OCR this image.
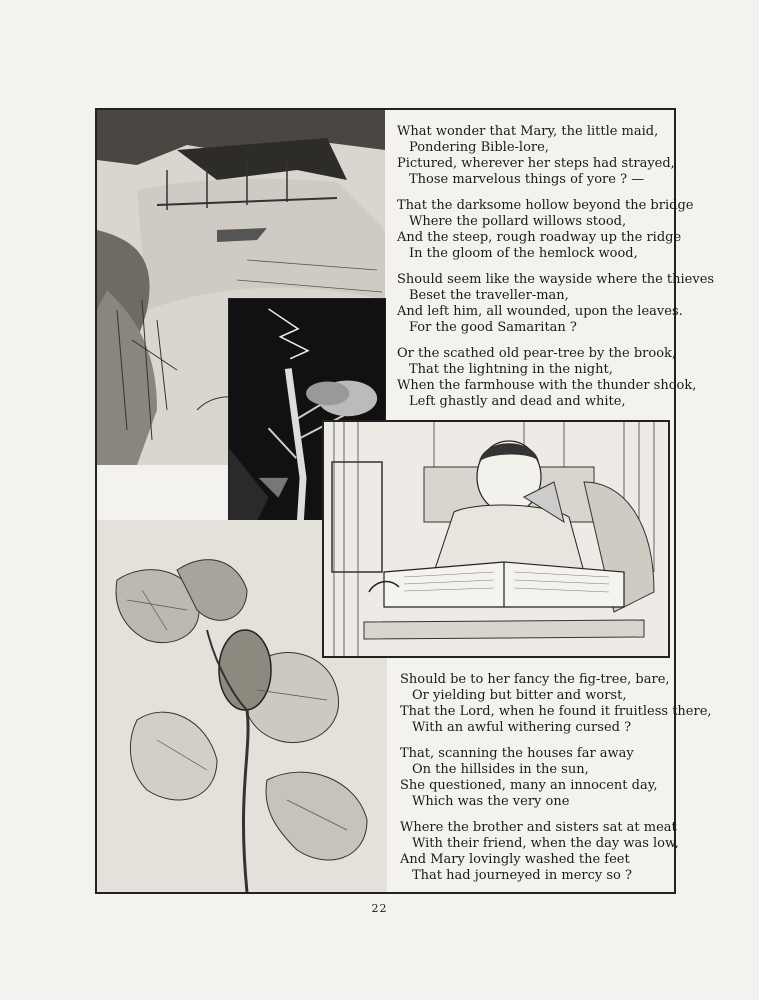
What wonder that Mary, the little maid,
Pondering Bible-lore,
Pictured, wherever her steps had strayed,
Those marvelous things of yore ? —
That the darksome hollow beyond the bridge
Where the pollard willows stood,
And the steep, rough roadway up the ridge
In the gloom of the hemlock wood,
Should seem like the wayside where the thieves
Beset the traveller-man,
And left him, all wounded, upon the leaves.
For the good Samaritan ?
Or the scathed old pear-tree by the brook,
That the lightning in the night,
When the farmhouse with the thunder shook,
Left ghastly and dead and white,
Should be to her fancy the fig-tree, bare,
Or yielding but bitter and worst,
That the Lord, when he found it fruitless there,
With an awful withering cursed ?
That, scanning the houses far away
On the hillsides in the sun,
She questioned, many an innocent day,
Which was the very one
Where the brother and sisters sat at meat
With their friend, when the day was low,
And Mary lovingly washed the feet
That had journeyed in mercy so ?
22
